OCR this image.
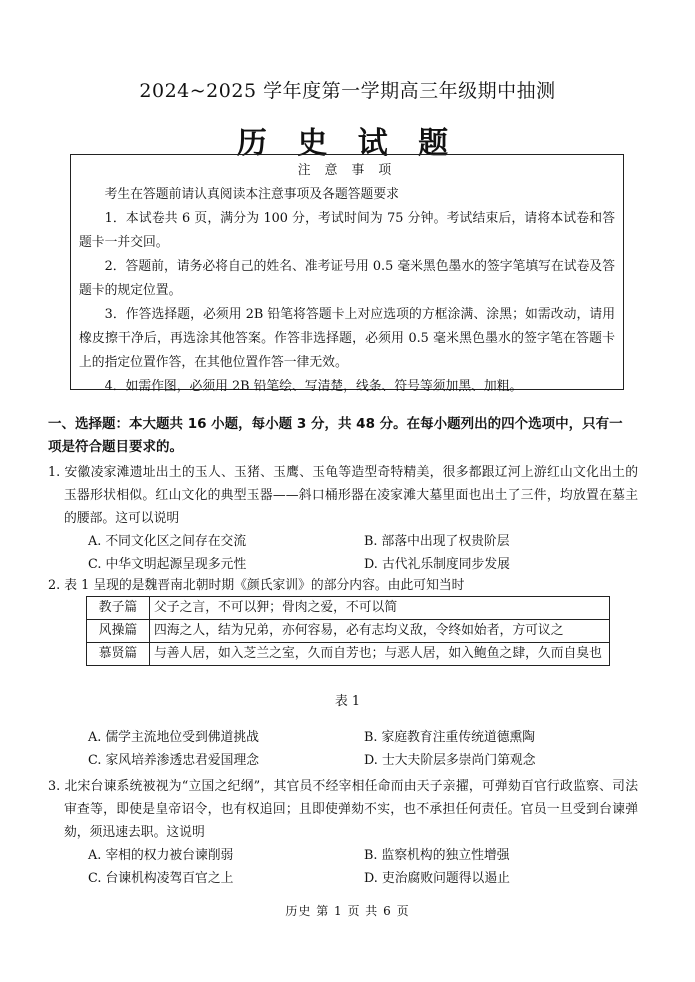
2024~2025 学年度第一学期高三年级期中抽测
历 史 试 题
注 意 事 项

考生在答题前请认真阅读本注意事项及各题答题要求

1．本试卷共 6 页，满分为 100 分，考试时间为 75 分钟。考试结束后，请将本试卷和答题卡一并交回。

2．答题前，请务必将自己的姓名、准考证号用 0.5 毫米黑色墨水的签字笔填写在试卷及答题卡的规定位置。

3．作答选择题，必须用 2B 铅笔将答题卡上对应选项的方框涂满、涂黑；如需改动，请用橡皮擦干净后，再选涂其他答案。作答非选择题，必须用 0.5 毫米黑色墨水的签字笔在答题卡上的指定位置作答，在其他位置作答一律无效。

4．如需作图，必须用 2B 铅笔绘、写清楚，线条、符号等须加黑、加粗。

一、选择题：本大题共 16 小题，每小题 3 分，共 48 分。在每小题列出的四个选项中，只有一项是符合题目要求的。
1. 安徽凌家滩遗址出土的玉人、玉猪、玉鹰、玉龟等造型奇特精美，很多都跟辽河上游红山文化出土的玉器形状相似。红山文化的典型玉器——斜口桶形器在凌家滩大墓里面也出土了三件，均放置在墓主的腰部。这可以说明
A. 不同文化区之间存在交流	B. 部落中出现了权贵阶层
C. 中华文明起源呈现多元性	D. 古代礼乐制度同步发展
2. 表 1 呈现的是魏晋南北朝时期《颜氏家训》的部分内容。由此可知当时
教子篇	父子之言，不可以狎；骨肉之爱，不可以简
风操篇	四海之人，结为兄弟，亦何容易，必有志均义敌，令终如始者，方可议之
慕贤篇	与善人居，如入芝兰之室，久而自芳也；与恶人居，如入鲍鱼之肆，久而自臭也
表 1
A. 儒学主流地位受到佛道挑战	B. 家庭教育注重传统道德熏陶
C. 家风培养渗透忠君爱国理念	D. 士大夫阶层多崇尚门第观念
3. 北宋台谏系统被视为“立国之纪纲”，其官员不经宰相任命而由天子亲擢，可弹劾百官行政监察、司法审查等，即使是皇帝诏令，也有权追回；且即使弹劾不实，也不承担任何责任。官员一旦受到台谏弹劾，须迅速去职。这说明
A. 宰相的权力被台谏削弱	B. 监察机构的独立性增强
C. 台谏机构凌驾百官之上	D. 吏治腐败问题得以遏止
历史 第 1 页 共 6 页
